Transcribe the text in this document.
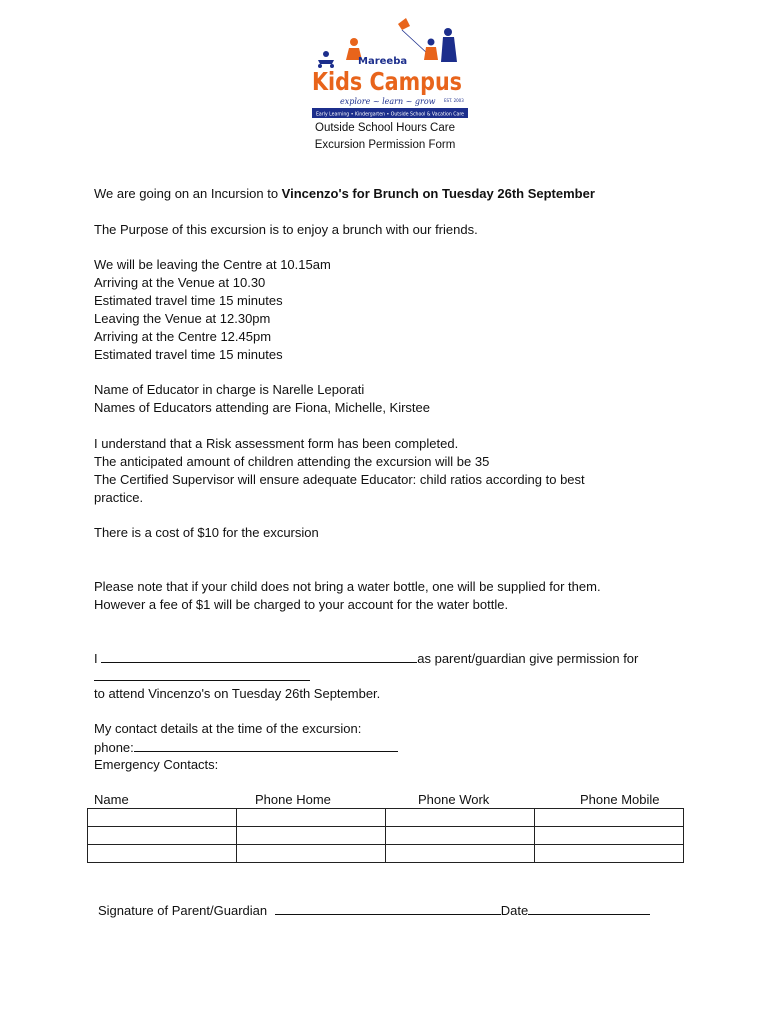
Mareeba
Kids Campus
explore ~ learn ~ grow EST. 2003
Early Learning • Kindergarten • Outside School & Vacation Care
Outside School Hours Care
Excursion Permission Form
We are going on an Incursion to Vincenzo's for Brunch on Tuesday 26th September
The Purpose of this excursion is to enjoy a brunch with our friends.
We will be leaving the Centre at 10.15am
Arriving at the Venue at 10.30
Estimated travel time 15 minutes
Leaving the Venue at 12.30pm
Arriving at the Centre 12.45pm
Estimated travel time 15 minutes
Name of Educator in charge is Narelle Leporati
Names of Educators attending are Fiona, Michelle, Kirstee
I understand that a Risk assessment form has been completed.
The anticipated amount of children attending the excursion will be 35
The Certified Supervisor will ensure adequate Educator: child ratios according to best
practice.
There is a cost of $10 for the excursion
Please note that if your child does not bring a water bottle, one will be supplied for them.
However a fee of $1 will be charged to your account for the water bottle.
I	as parent/guardian give permission for
to attend Vincenzo's on Tuesday 26th September.
My contact details at the time of the excursion:
phone:
Emergency Contacts:
Name	Phone Home	Phone Work	Phone Mobile

Signature of Parent/Guardian	Date
